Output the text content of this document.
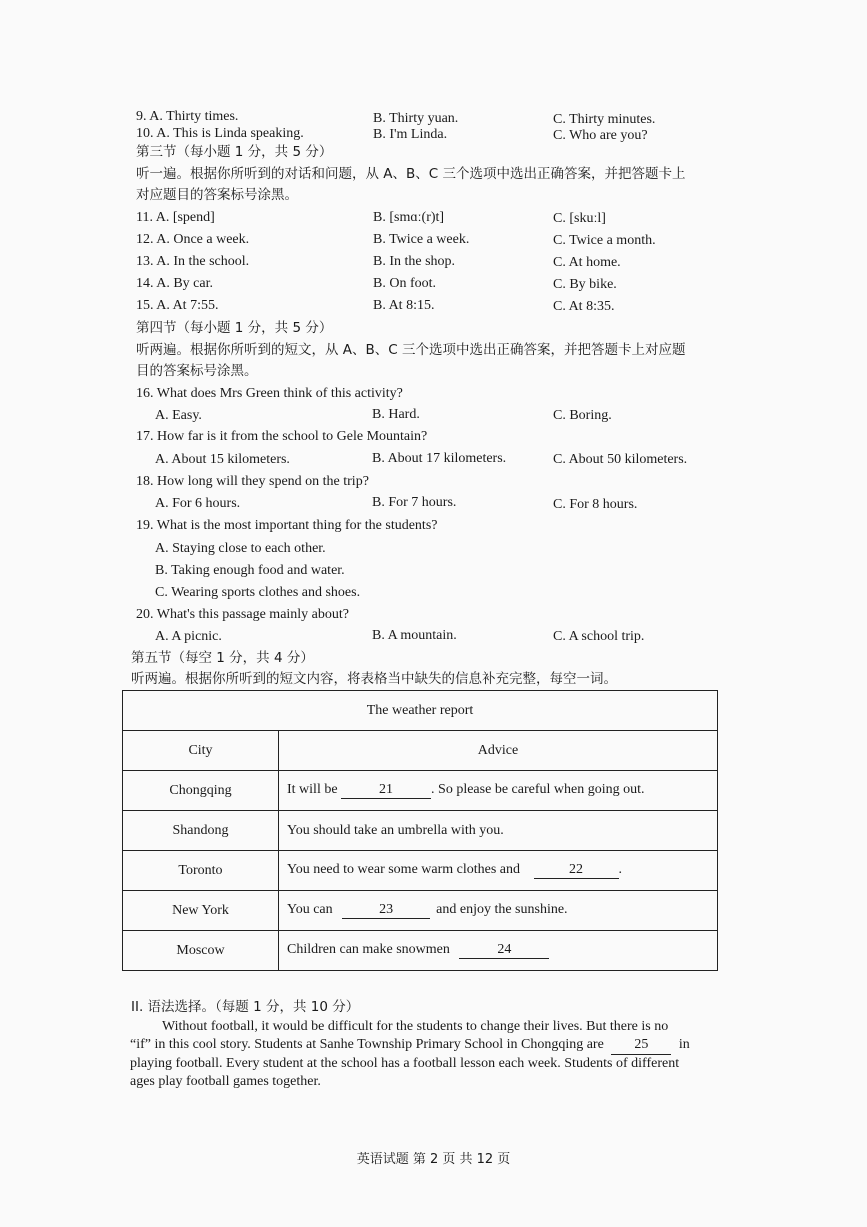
9. A. Thirty times.	B. Thirty yuan.	C. Thirty minutes.
10. A. This is Linda speaking.	B. I'm Linda.	C. Who are you?
第三节（每小题 1 分，共 5 分）
听一遍。根据你所听到的对话和问题，从 A、B、C 三个选项中选出正确答案，并把答题卡上
对应题目的答案标号涂黑。
11. A. [spend]	B. [smɑː(r)t]	C. [skuːl]
12. A. Once a week.	B. Twice a week.	C. Twice a month.
13. A. In the school.	B. In the shop.	C. At home.
14. A. By car.	B. On foot.	C. By bike.
15. A. At 7:55.	B. At 8:15.	C. At 8:35.
第四节（每小题 1 分，共 5 分）
听两遍。根据你所听到的短文，从 A、B、C 三个选项中选出正确答案，并把答题卡上对应题
目的答案标号涂黑。
16. What does Mrs Green think of this activity?
A. Easy.	B. Hard.	C. Boring.
17. How far is it from the school to Gele Mountain?
A. About 15 kilometers.	B. About 17 kilometers.	C. About 50 kilometers.
18. How long will they spend on the trip?
A. For 6 hours.	B. For 7 hours.	C. For 8 hours.
19. What is the most important thing for the students?
A. Staying close to each other.
B. Taking enough food and water.
C. Wearing sports clothes and shoes.
20. What's this passage mainly about?
A. A picnic.	B. A mountain.	C. A school trip.
第五节（每空 1 分，共 4 分）
听两遍。根据你所听到的短文内容，将表格当中缺失的信息补充完整，每空一词。
The weather report	
City	Advice
Chongqing	It will be 21 . So please be careful when going out.
Shandong	You should take an umbrella with you.
Toronto	You need to wear some warm clothes and 22 .
New York	You can 23 and enjoy the sunshine.
Moscow	Children can make snowmen 24
II. 语法选择。（每题 1 分，共 10 分）
Without football, it would be difficult for the students to change their lives. But there is no
“if” in this cool story. Students at Sanhe Township Primary School in Chongqing are 25 in
playing football. Every student at the school has a football lesson each week. Students of different
ages play football games together.
英语试题 第 2 页 共 12 页
